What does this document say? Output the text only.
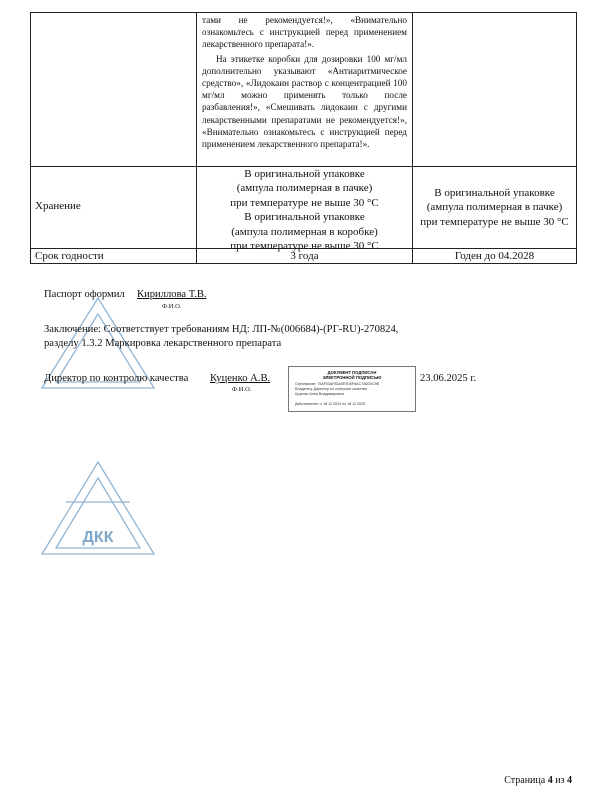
тами не рекомендуется!», «Внимательно ознакомьтесь с инструкцией перед применением лекарственного препарата!».

На этикетке коробки для дозировки 100 мг/мл дополнительно указывают «Антиаритмическое средство», «Лидокаин раствор с концентрацией 100 мг/мл можно применять только после разбавления!», «Смешивать лидокаин с другими лекарственными препаратами не рекомендуется!», «Внимательно ознакомьтесь с инструкцией перед применением лекарственного препарата!».

Хранение
В оригинальной упаковке
(ампула полимерная в пачке)
при температуре не выше 30 °С
В оригинальной упаковке
(ампула полимерная в коробке)
при температуре не выше 30 °С
В оригинальной упаковке
(ампула полимерная в пачке)
при температуре не выше 30 °С
Срок годности	3 года	Годен до 04.2028
ДКК
Паспорт оформил Кириллова Т.В.
Ф.И.О.
Заключение: Соответствует требованиям НД: ЛП-№(006684)-(РГ-RU)-270824,
разделу 1.3.2 Маркировка лекарственного препарата
Директор по контролю качества Куценко А.В.
Ф.И.О.
23.06.2025 г.
ДОКУМЕНТ ПОДПИСАН
ЭЛЕКТРОННОЙ ПОДПИСЬЮ
Сертификат: 75AF03AF83A0E9D6F8AC7A6D0C9B
Владелец: Директор по контролю качества
Куценко Анна Владимировна
Действителен: с 18.12.2024 по 18.12.2025
Страница 4 из 4
